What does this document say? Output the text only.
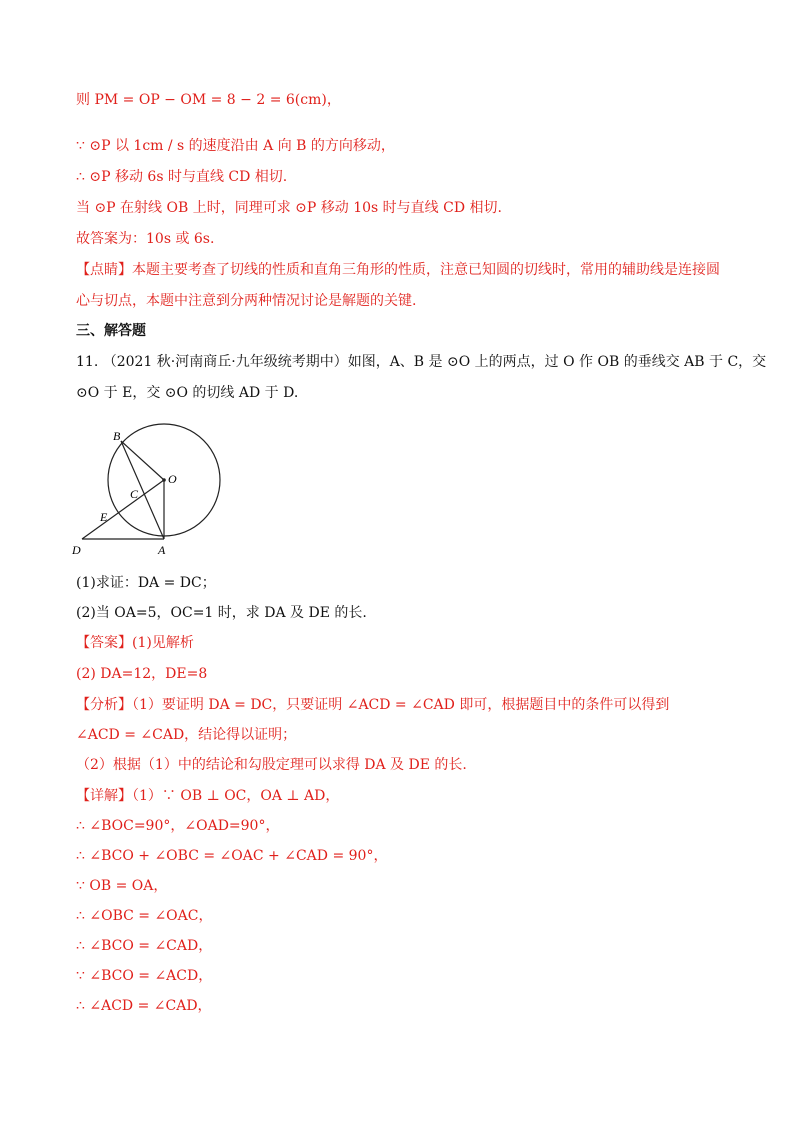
则 PM = OP − OM = 8 − 2 = 6(cm)，
∵ ⊙P 以 1cm / s 的速度沿由 A 向 B 的方向移动，
∴ ⊙P 移动 6s 时与直线 CD 相切.
当 ⊙P 在射线 OB 上时，同理可求 ⊙P 移动 10s 时与直线 CD 相切.
故答案为：10s 或 6s.
【点睛】本题主要考查了切线的性质和直角三角形的性质，注意已知圆的切线时，常用的辅助线是连接圆
心与切点，本题中注意到分两种情况讨论是解题的关键.
三、解答题
11. （2021 秋·河南商丘·九年级统考期中）如图，A、B 是 ⊙O 上的两点，过 O 作 OB 的垂线交 AB 于 C，交
⊙O 于 E，交 ⊙O 的切线 AD 于 D.
(1)求证：DA = DC；
(2)当 OA=5，OC=1 时，求 DA 及 DE 的长.
【答案】(1)见解析
(2) DA=12，DE=8
【分析】（1）要证明 DA = DC，只要证明 ∠ACD = ∠CAD 即可，根据题目中的条件可以得到
∠ACD = ∠CAD，结论得以证明；
（2）根据（1）中的结论和勾股定理可以求得 DA 及 DE 的长.
【详解】（1）∵ OB ⊥ OC，OA ⊥ AD，
∴ ∠BOC=90°，∠OAD=90°，
∴ ∠BCO + ∠OBC = ∠OAC + ∠CAD = 90°，
∵ OB = OA，
∴ ∠OBC = ∠OAC，
∴ ∠BCO = ∠CAD，
∵ ∠BCO = ∠ACD，
∴ ∠ACD = ∠CAD，
B
O
C
E
D	A
